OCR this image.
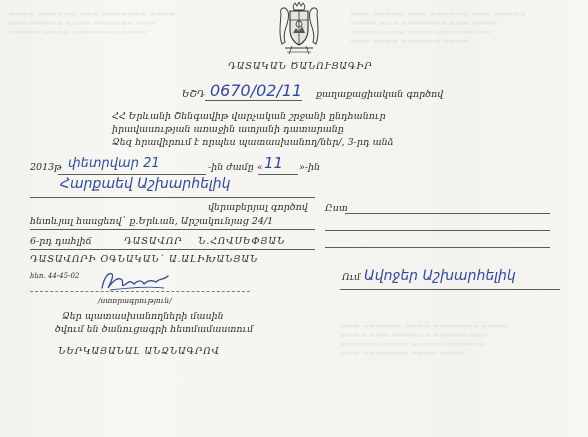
▬▬▬ ▬▬▬▬▬ ▬▬▬ ▬▬▬▬▬▬ ▬▬▬ ▬▬▬▬▬
▬▬▬▬ ▬▬▬ ▬▬▬▬▬▬▬ ▬▬▬ ▬▬▬▬
▬▬▬▬▬ ▬▬▬ ▬▬▬▬ ▬▬▬▬▬▬ ▬▬
▬▬▬ ▬▬▬▬ ▬▬▬▬▬▬ ▬▬▬▬
▬▬▬▬ ▬▬▬▬▬▬ ▬▬▬ ▬▬▬▬▬▬▬ ▬▬▬▬
▬▬▬ ▬▬▬▬▬ ▬▬▬▬ ▬▬▬▬▬▬ ▬▬▬
▬▬▬▬▬ ▬▬▬▬ ▬▬▬▬▬▬▬ ▬▬▬▬
▬▬▬ ▬▬▬▬▬▬ ▬▬▬▬ ▬▬▬▬▬▬▬ ▬▬▬▬
▬▬▬▬ ▬▬▬ ▬▬▬▬▬▬ ▬▬▬▬▬ ▬▬▬
▬▬▬▬▬▬ ▬▬▬▬ ▬▬▬▬▬ ▬▬▬▬▬▬
▬▬▬ ▬▬▬▬▬▬▬ ▬▬▬▬ ▬▬▬▬
ԴԱՏԱԿԱՆ ԾԱՆՈՒՑԱԳԻՐ
ԵՇԴ 0670/02/11 քաղաքացիական գործով
ՀՀ Երևանի Շենգավիթ վարչական շրջանի ընդհանուր
իրավասության առաջին ատյանի դատարանը
Ձեզ հրավիրում է որպես պատասխանող/ներ/, 3-րդ անձ
2013թ փետրվար 21	-ին ժամը « 11 »-ին
Հարքաեվ Աշխարհելիկ
վերաբերյալ գործով
հետևյալ հասցեով` ք.Երևան, Արշակունյաց 24/1
Ըստ
6-րդ դահլիճ	ԴԱՏԱՎՈՐ Ն.ՀՈՎՍԵՓՅԱՆ
ԴԱՏԱՎՈՐԻ ՕԳՆԱԿԱՆ` Ա.ԱԼԻԽԱՆՅԱՆ
հեռ. 44-45-02
/ստորագրություն/
Ձեր պատասխանողների մասին
ծվում են ծանուցագրի հետմամաստում
ՆԵՐԿԱՅԱՆԱԼ ԱՆՁՆԱԳՐՈՎ
Ում Ավոջեր Աշխարհելիկ
